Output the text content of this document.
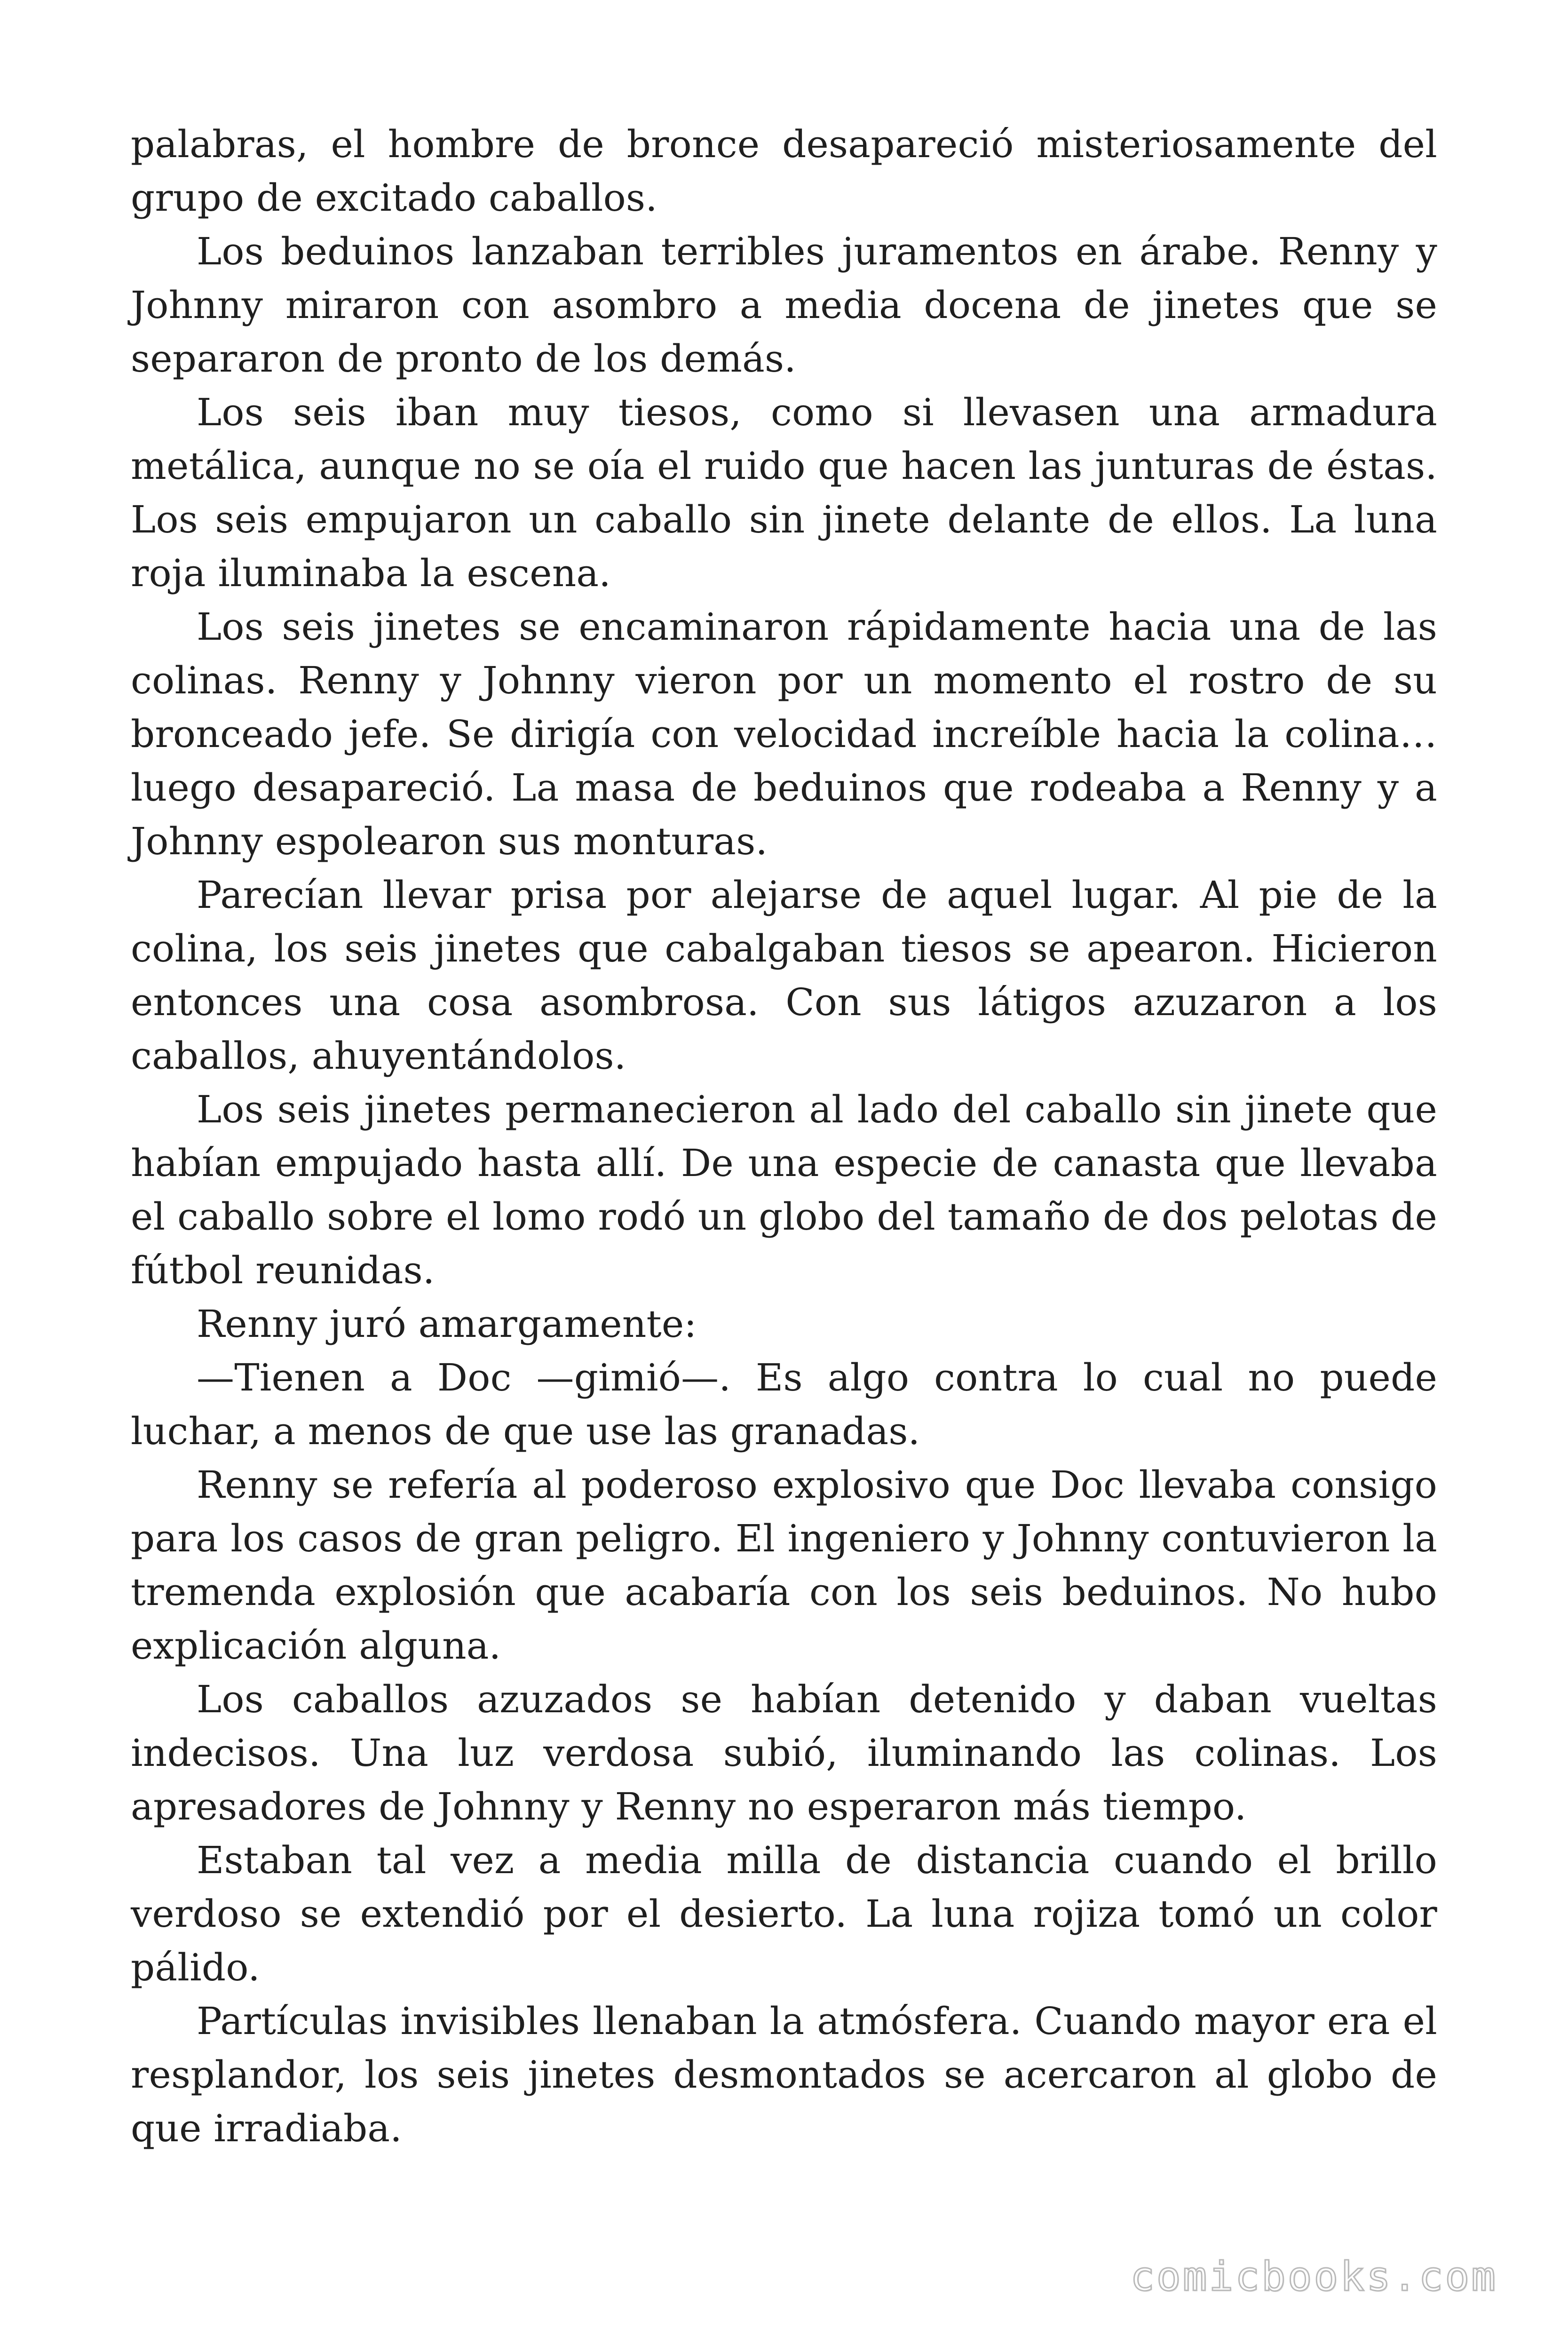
palabras, el hombre de bronce desapareció misteriosamente del grupo de excitado caballos.

Los beduinos lanzaban terribles juramentos en árabe. Renny y Johnny miraron con asombro a media docena de jinetes que se separaron de pronto de los demás.

Los seis iban muy tiesos, como si llevasen una armadura metálica, aunque no se oía el ruido que hacen las junturas de éstas. Los seis empujaron un caballo sin jinete delante de ellos. La luna roja iluminaba la escena.

Los seis jinetes se encaminaron rápidamente hacia una de las colinas. Renny y Johnny vieron por un momento el rostro de su bronceado jefe. Se dirigía con velocidad increíble hacia la colina… luego desapareció. La masa de beduinos que rodeaba a Renny y a Johnny espolearon sus monturas.

Parecían llevar prisa por alejarse de aquel lugar. Al pie de la colina, los seis jinetes que cabalgaban tiesos se apearon. Hicieron entonces una cosa asombrosa. Con sus látigos azuzaron a los caballos, ahuyentándolos.

Los seis jinetes permanecieron al lado del caballo sin jinete que habían empujado hasta allí. De una especie de canasta que llevaba el caballo sobre el lomo rodó un globo del tamaño de dos pelotas de fútbol reunidas.

Renny juró amargamente:

—Tienen a Doc —gimió—. Es algo contra lo cual no puede luchar, a menos de que use las granadas.

Renny se refería al poderoso explosivo que Doc llevaba consigo para los casos de gran peligro. El ingeniero y Johnny contuvieron la tremenda explosión que acabaría con los seis beduinos. No hubo explicación alguna.

Los caballos azuzados se habían detenido y daban vueltas indecisos. Una luz verdosa subió, iluminando las colinas. Los apresadores de Johnny y Renny no esperaron más tiempo.

Estaban tal vez a media milla de distancia cuando el brillo verdoso se extendió por el desierto. La luna rojiza tomó un color pálido.

Partículas invisibles llenaban la atmósfera. Cuando mayor era el resplandor, los seis jinetes desmontados se acercaron al globo de que irradiaba.

comicbooks.com
